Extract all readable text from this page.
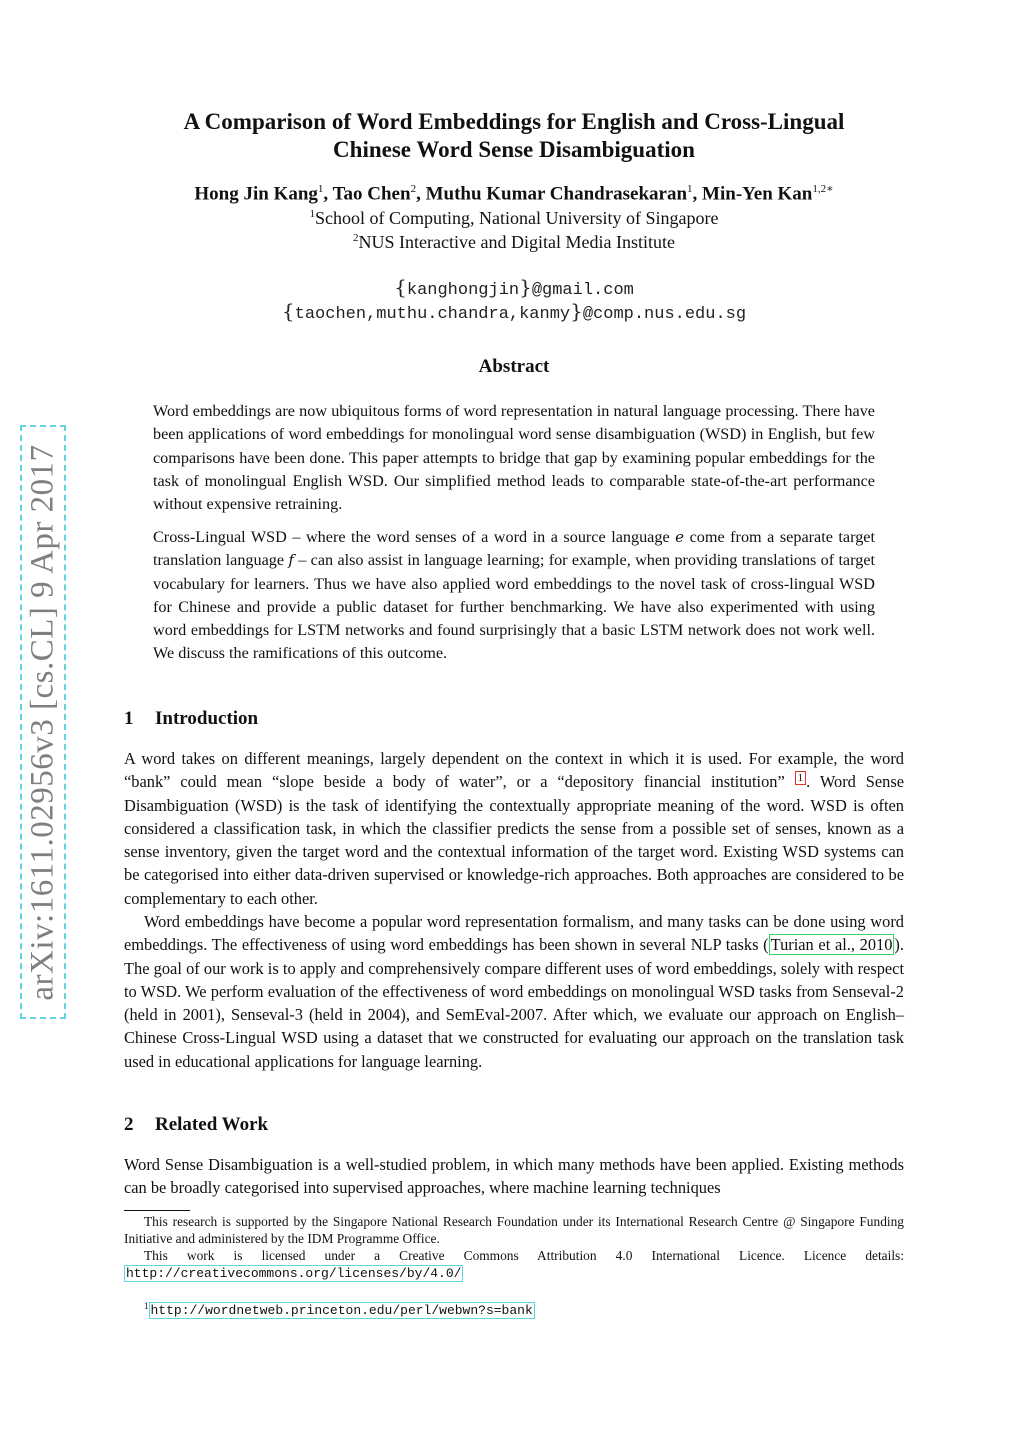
arXiv:1611.02956v3 [cs.CL] 9 Apr 2017
A Comparison of Word Embeddings for English and Cross-Lingual
Chinese Word Sense Disambiguation
Hong Jin Kang$^1$, Tao Chen$^2$, Muthu Kumar Chandrasekaran$^1$, Min-Yen Kan$^{1,2∗}$
$^1$School of Computing, National University of Singapore
$^2$NUS Interactive and Digital Media Institute
{kanghongjin}@gmail.com
{taochen,muthu.chandra,kanmy}@comp.nus.edu.sg
Abstract

Word embeddings are now ubiquitous forms of word representation in natural language processing. There have been applications of word embeddings for monolingual word sense disambiguation (WSD) in English, but few comparisons have been done. This paper attempts to bridge that gap by examining popular embeddings for the task of monolingual English WSD. Our simplified method leads to comparable state-of-the-art performance without expensive retraining.

Cross-Lingual WSD – where the word senses of a word in a source language e come from a separate target translation language f – can also assist in language learning; for example, when providing translations of target vocabulary for learners. Thus we have also applied word embeddings to the novel task of cross-lingual WSD for Chinese and provide a public dataset for further benchmarking. We have also experimented with using word embeddings for LSTM networks and found surprisingly that a basic LSTM network does not work well. We discuss the ramifications of this outcome.

1 Introduction

A word takes on different meanings, largely dependent on the context in which it is used. For example, the word “bank” could mean “slope beside a body of water”, or a “depository financial institution” $^1$ . Word Sense Disambiguation (WSD) is the task of identifying the contextually appropriate meaning of the word. WSD is often considered a classification task, in which the classifier predicts the sense from a possible set of senses, known as a sense inventory, given the target word and the contextual information of the target word. Existing WSD systems can be categorised into either data-driven supervised or knowledge-rich approaches. Both approaches are considered to be complementary to each other.

Word embeddings have become a popular word representation formalism, and many tasks can be done using word embeddings. The effectiveness of using word embeddings has been shown in several NLP tasks ( Turian et al., 2010 ). The goal of our work is to apply and comprehensively compare different uses of word embeddings, solely with respect to WSD. We perform evaluation of the effectiveness of word embeddings on monolingual WSD tasks from Senseval-2 (held in 2001), Senseval-3 (held in 2004), and SemEval-2007. After which, we evaluate our approach on English–Chinese Cross-Lingual WSD using a dataset that we constructed for evaluating our approach on the translation task used in educational applications for language learning.

2 Related Work

Word Sense Disambiguation is a well-studied problem, in which many methods have been applied. Existing methods can be broadly categorised into supervised approaches, where machine learning techniques

This research is supported by the Singapore National Research Foundation under its International Research Centre @ Singapore Funding Initiative and administered by the IDM Programme Office.

This work is licensed under a Creative Commons Attribution 4.0 International Licence. Licence details: http://creativecommons.org/licenses/by/4.0/

$^1$ http://wordnetweb.princeton.edu/perl/webwn?s=bank
